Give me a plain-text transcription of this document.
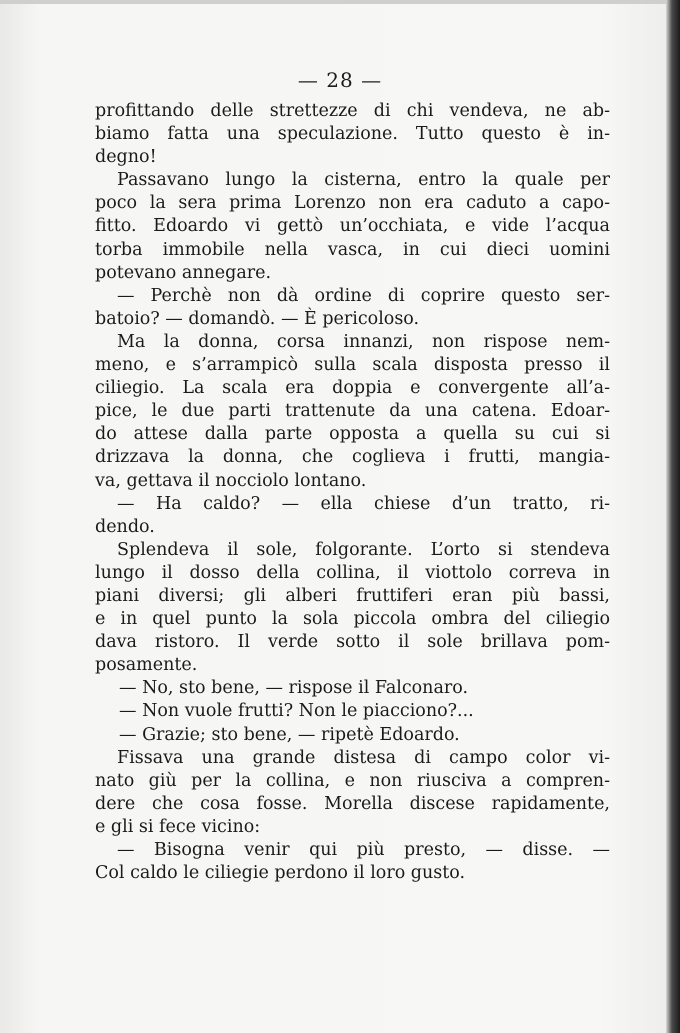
— 28 —
profittando delle strettezze di chi vendeva, ne ab-
biamo fatta una speculazione. Tutto questo è in-
degno!
Passavano lungo la cisterna, entro la quale per
poco la sera prima Lorenzo non era caduto a capo-
fitto. Edoardo vi gettò un’occhiata, e vide l’acqua
torba immobile nella vasca, in cui dieci uomini
potevano annegare.
— Perchè non dà ordine di coprire questo ser-
batoio? — domandò. — È pericoloso.
Ma la donna, corsa innanzi, non rispose nem-
meno, e s’arrampicò sulla scala disposta presso il
ciliegio. La scala era doppia e convergente all’a-
pice, le due parti trattenute da una catena. Edoar-
do attese dalla parte opposta a quella su cui si
drizzava la donna, che coglieva i frutti, mangia-
va, gettava il nocciolo lontano.
— Ha caldo? — ella chiese d’un tratto, ri-
dendo.
Splendeva il sole, folgorante. L’orto si stendeva
lungo il dosso della collina, il viottolo correva in
piani diversi; gli alberi fruttiferi eran più bassi,
e in quel punto la sola piccola ombra del ciliegio
dava ristoro. Il verde sotto il sole brillava pom-
posamente.
— No, sto bene, — rispose il Falconaro.
— Non vuole frutti? Non le piacciono?...
— Grazie; sto bene, — ripetè Edoardo.
Fissava una grande distesa di campo color vi-
nato giù per la collina, e non riusciva a compren-
dere che cosa fosse. Morella discese rapidamente,
e gli si fece vicino:
— Bisogna venir qui più presto, — disse. —
Col caldo le ciliegie perdono il loro gusto.
